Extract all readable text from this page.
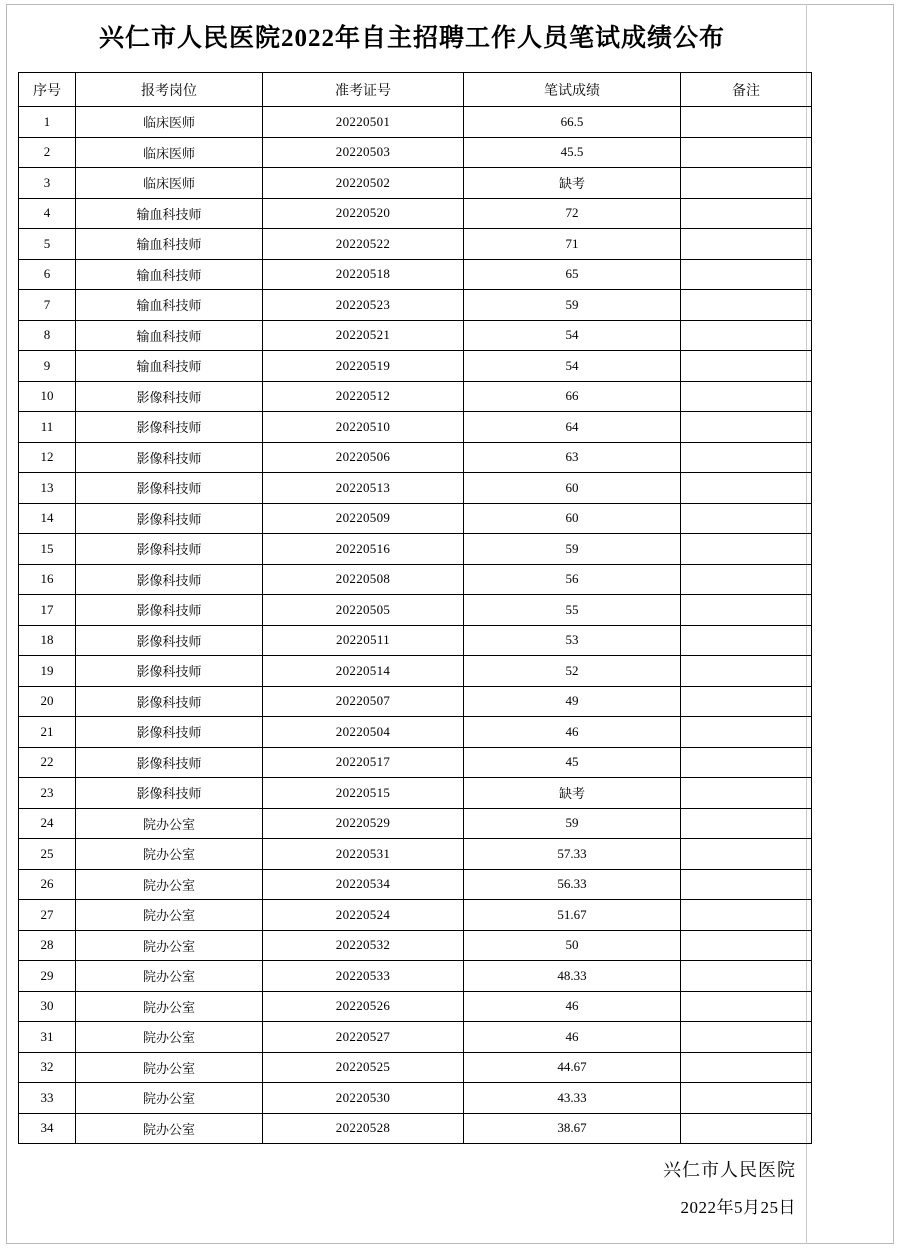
兴仁市人民医院2022年自主招聘工作人员笔试成绩公布
序号	报考岗位	准考证号	笔试成绩	备注
1	临床医师	20220501	66.5	
2	临床医师	20220503	45.5	
3	临床医师	20220502	缺考	
4	输血科技师	20220520	72	
5	输血科技师	20220522	71	
6	输血科技师	20220518	65	
7	输血科技师	20220523	59	
8	输血科技师	20220521	54	
9	输血科技师	20220519	54	
10	影像科技师	20220512	66	
11	影像科技师	20220510	64	
12	影像科技师	20220506	63	
13	影像科技师	20220513	60	
14	影像科技师	20220509	60	
15	影像科技师	20220516	59	
16	影像科技师	20220508	56	
17	影像科技师	20220505	55	
18	影像科技师	20220511	53	
19	影像科技师	20220514	52	
20	影像科技师	20220507	49	
21	影像科技师	20220504	46	
22	影像科技师	20220517	45	
23	影像科技师	20220515	缺考	
24	院办公室	20220529	59	
25	院办公室	20220531	57.33	
26	院办公室	20220534	56.33	
27	院办公室	20220524	51.67	
28	院办公室	20220532	50	
29	院办公室	20220533	48.33	
30	院办公室	20220526	46	
31	院办公室	20220527	46	
32	院办公室	20220525	44.67	
33	院办公室	20220530	43.33	
34	院办公室	20220528	38.67	
兴仁市人民医院
2022年5月25日
